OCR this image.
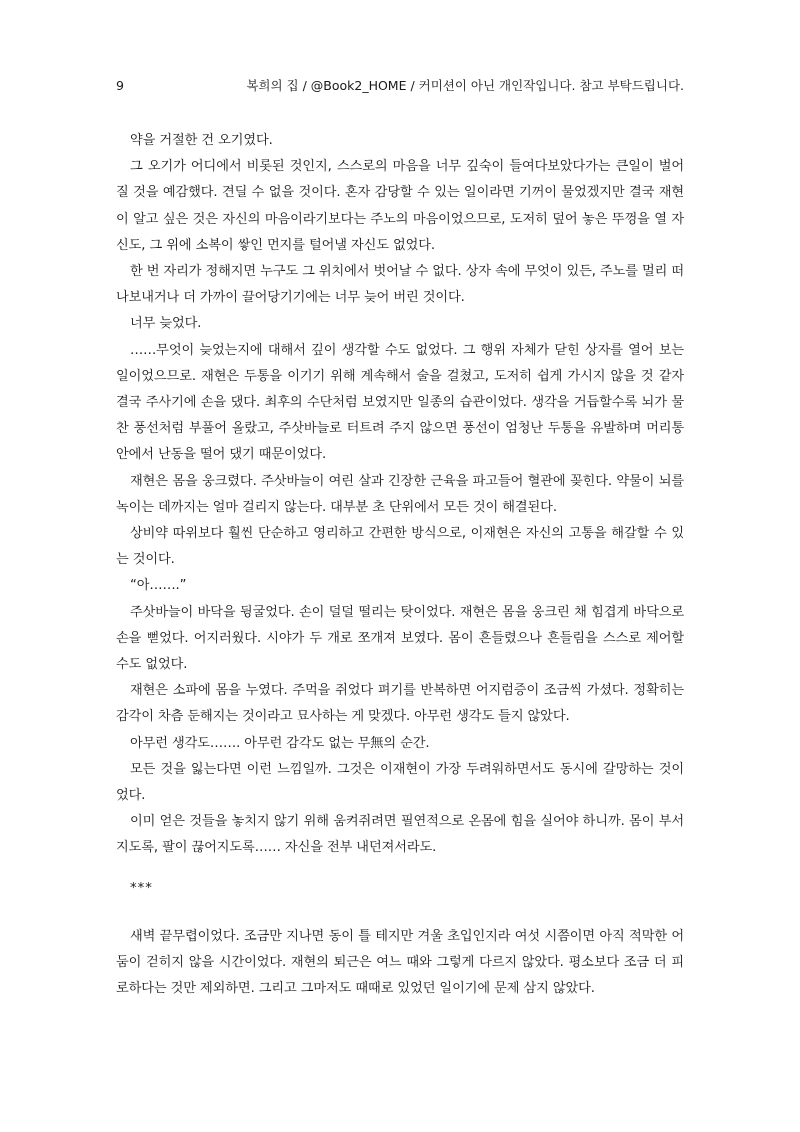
9	복희의 집 / @Book2_HOME / 커미션이 아닌 개인작입니다. 참고 부탁드립니다.

약을 거절한 건 오기였다.

그 오기가 어디에서 비롯된 것인지, 스스로의 마음을 너무 깊숙이 들여다보았다가는 큰일이 벌어질 것을 예감했다. 견딜 수 없을 것이다. 혼자 감당할 수 있는 일이라면 기꺼이 물었겠지만 결국 재현이 알고 싶은 것은 자신의 마음이라기보다는 주노의 마음이었으므로, 도저히 덮어 놓은 뚜껑을 열 자신도, 그 위에 소복이 쌓인 먼지를 털어낼 자신도 없었다.

한 번 자리가 정해지면 누구도 그 위치에서 벗어날 수 없다. 상자 속에 무엇이 있든, 주노를 멀리 떠나보내거나 더 가까이 끌어당기기에는 너무 늦어 버린 것이다.

너무 늦었다.

……무엇이 늦었는지에 대해서 깊이 생각할 수도 없었다. 그 행위 자체가 닫힌 상자를 열어 보는 일이었으므로. 재현은 두통을 이기기 위해 계속해서 술을 걸쳤고, 도저히 쉽게 가시지 않을 것 같자 결국 주사기에 손을 댔다. 최후의 수단처럼 보였지만 일종의 습관이었다. 생각을 거듭할수록 뇌가 물 찬 풍선처럼 부풀어 올랐고, 주삿바늘로 터트려 주지 않으면 풍선이 엄청난 두통을 유발하며 머리통 안에서 난동을 떨어 댔기 때문이었다.

재현은 몸을 웅크렸다. 주삿바늘이 여린 살과 긴장한 근육을 파고들어 혈관에 꽂힌다. 약물이 뇌를 녹이는 데까지는 얼마 걸리지 않는다. 대부분 초 단위에서 모든 것이 해결된다.

상비약 따위보다 훨씬 단순하고 영리하고 간편한 방식으로, 이재현은 자신의 고통을 해갈할 수 있는 것이다.

“아…….”

주삿바늘이 바닥을 뒹굴었다. 손이 덜덜 떨리는 탓이었다. 재현은 몸을 웅크린 채 힘겹게 바닥으로 손을 뻗었다. 어지러웠다. 시야가 두 개로 쪼개져 보였다. 몸이 흔들렸으나 흔들림을 스스로 제어할 수도 없었다.

재현은 소파에 몸을 누였다. 주먹을 쥐었다 펴기를 반복하면 어지럼증이 조금씩 가셨다. 정확히는 감각이 차츰 둔해지는 것이라고 묘사하는 게 맞겠다. 아무런 생각도 들지 않았다.

아무런 생각도……. 아무런 감각도 없는 무無의 순간.

모든 것을 잃는다면 이런 느낌일까. 그것은 이재현이 가장 두려워하면서도 동시에 갈망하는 것이었다.

이미 얻은 것들을 놓치지 않기 위해 움켜쥐려면 필연적으로 온몸에 힘을 실어야 하니까. 몸이 부서지도록, 팔이 끊어지도록…… 자신을 전부 내던져서라도.

***

새벽 끝무렵이었다. 조금만 지나면 동이 틀 테지만 겨울 초입인지라 여섯 시쯤이면 아직 적막한 어둠이 걷히지 않을 시간이었다. 재현의 퇴근은 여느 때와 그렇게 다르지 않았다. 평소보다 조금 더 피로하다는 것만 제외하면. 그리고 그마저도 때때로 있었던 일이기에 문제 삼지 않았다.
